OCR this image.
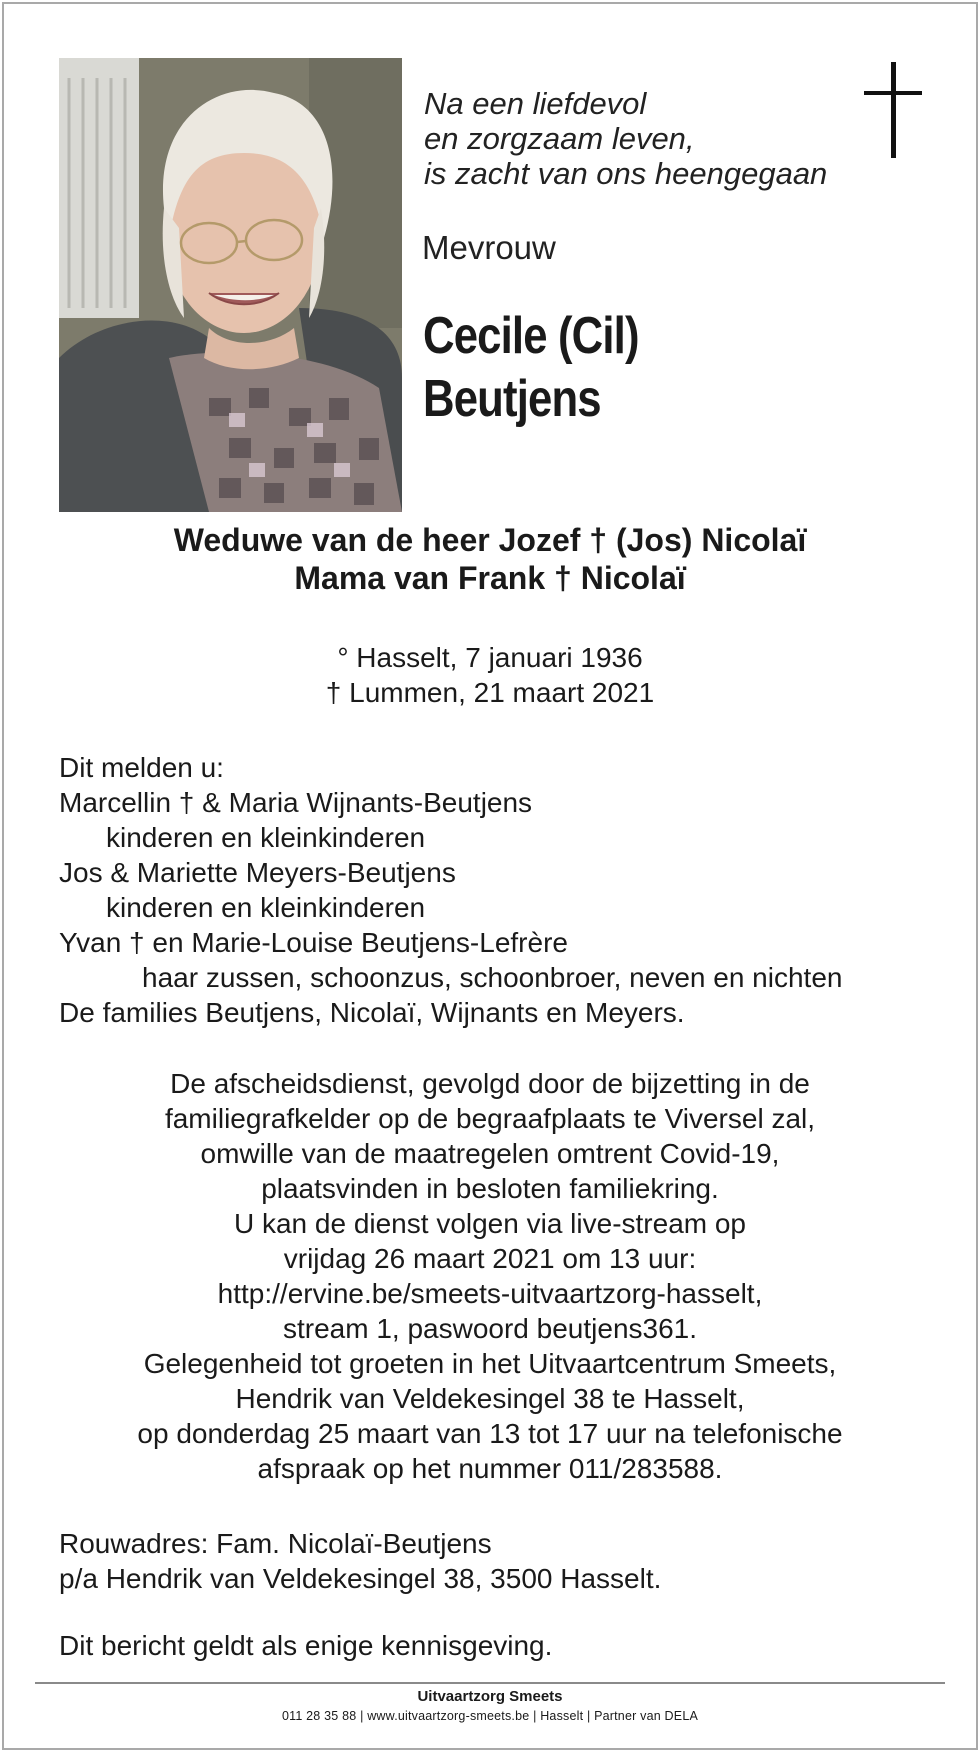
Na een liefdevol
en zorgzaam leven,
is zacht van ons heengegaan
Mevrouw
Cecile (Cil)
Beutjens
Weduwe van de heer Jozef † (Jos) Nicolaï
Mama van Frank † Nicolaï
° Hasselt, 7 januari 1936
† Lummen, 21 maart 2021
Dit melden u:
Marcellin † & Maria Wijnants-Beutjens
kinderen en kleinkinderen
Jos & Mariette Meyers-Beutjens
kinderen en kleinkinderen
Yvan † en Marie-Louise Beutjens-Lefrère
haar zussen, schoonzus, schoonbroer, neven en nichten
De families Beutjens, Nicolaï, Wijnants en Meyers.
De afscheidsdienst, gevolgd door de bijzetting in de
familiegrafkelder op de begraafplaats te Viversel zal,
omwille van de maatregelen omtrent Covid-19,
plaatsvinden in besloten familiekring.
U kan de dienst volgen via live-stream op
vrijdag 26 maart 2021 om 13 uur:
http://ervine.be/smeets-uitvaartzorg-hasselt,
stream 1, paswoord beutjens361.
Gelegenheid tot groeten in het Uitvaartcentrum Smeets,
Hendrik van Veldekesingel 38 te Hasselt,
op donderdag 25 maart van 13 tot 17 uur na telefonische
afspraak op het nummer 011/283588.
Rouwadres: Fam. Nicolaï-Beutjens
p/a Hendrik van Veldekesingel 38, 3500 Hasselt.
Dit bericht geldt als enige kennisgeving.
Uitvaartzorg Smeets
011 28 35 88 | www.uitvaartzorg-smeets.be | Hasselt | Partner van DELA
